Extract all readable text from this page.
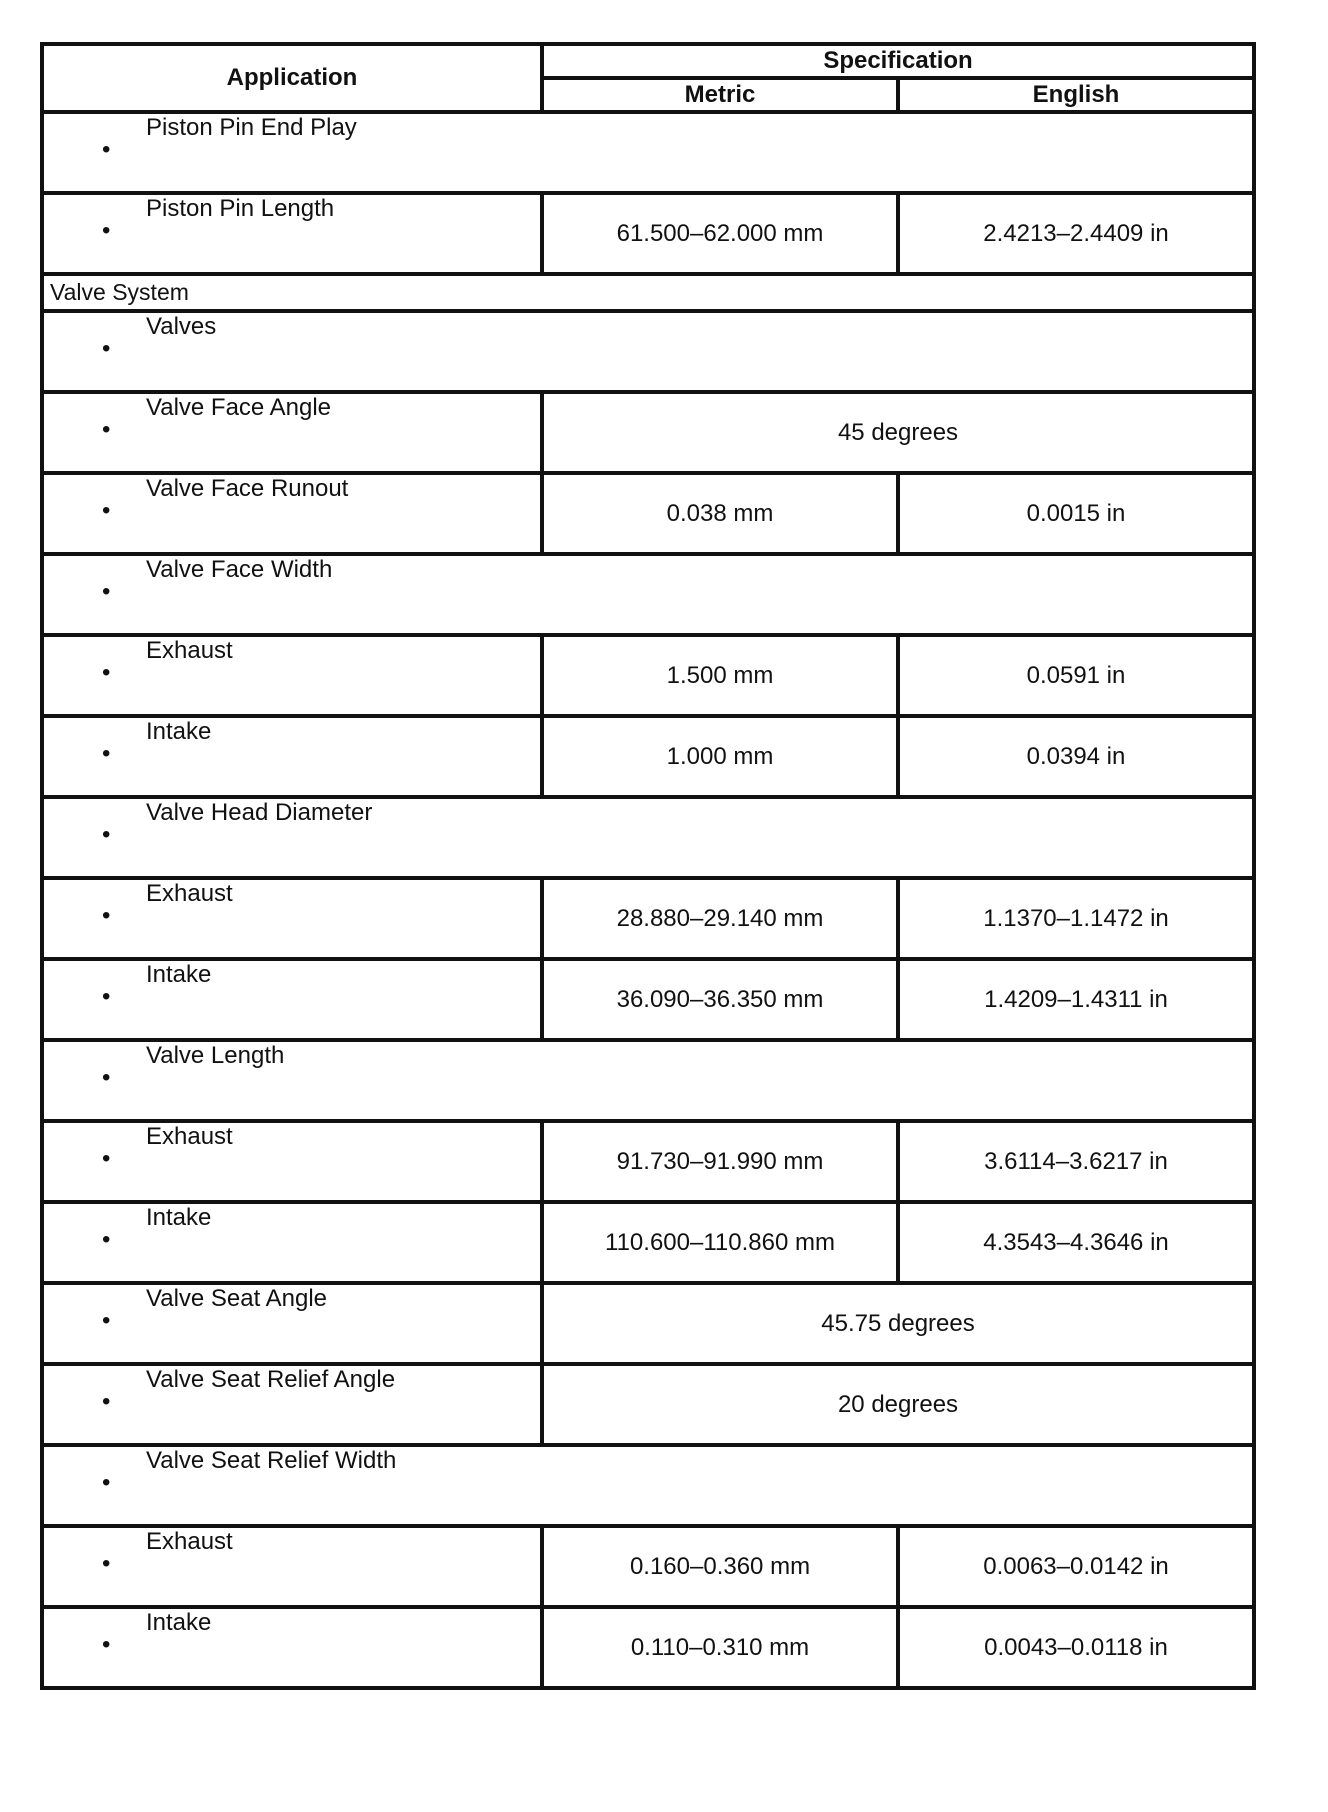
Application	Specification	
	Metric	English

•
Piston Pin End Play		

•
Piston Pin Length	61.500–62.000 mm	2.4213–2.4409 in
Valve System		

•
Valves		

•
Valve Face Angle	45 degrees	

•
Valve Face Runout	0.038 mm	0.0015 in

•
Valve Face Width		

•
Exhaust	1.500 mm	0.0591 in

•
Intake	1.000 mm	0.0394 in

•
Valve Head Diameter		

•
Exhaust	28.880–29.140 mm	1.1370–1.1472 in

•
Intake	36.090–36.350 mm	1.4209–1.4311 in

•
Valve Length		

•
Exhaust	91.730–91.990 mm	3.6114–3.6217 in

•
Intake	110.600–110.860 mm	4.3543–4.3646 in

•
Valve Seat Angle	45.75 degrees	

•
Valve Seat Relief Angle	20 degrees	

•
Valve Seat Relief Width		

•
Exhaust	0.160–0.360 mm	0.0063–0.0142 in

•
Intake	0.110–0.310 mm	0.0043–0.0118 in
